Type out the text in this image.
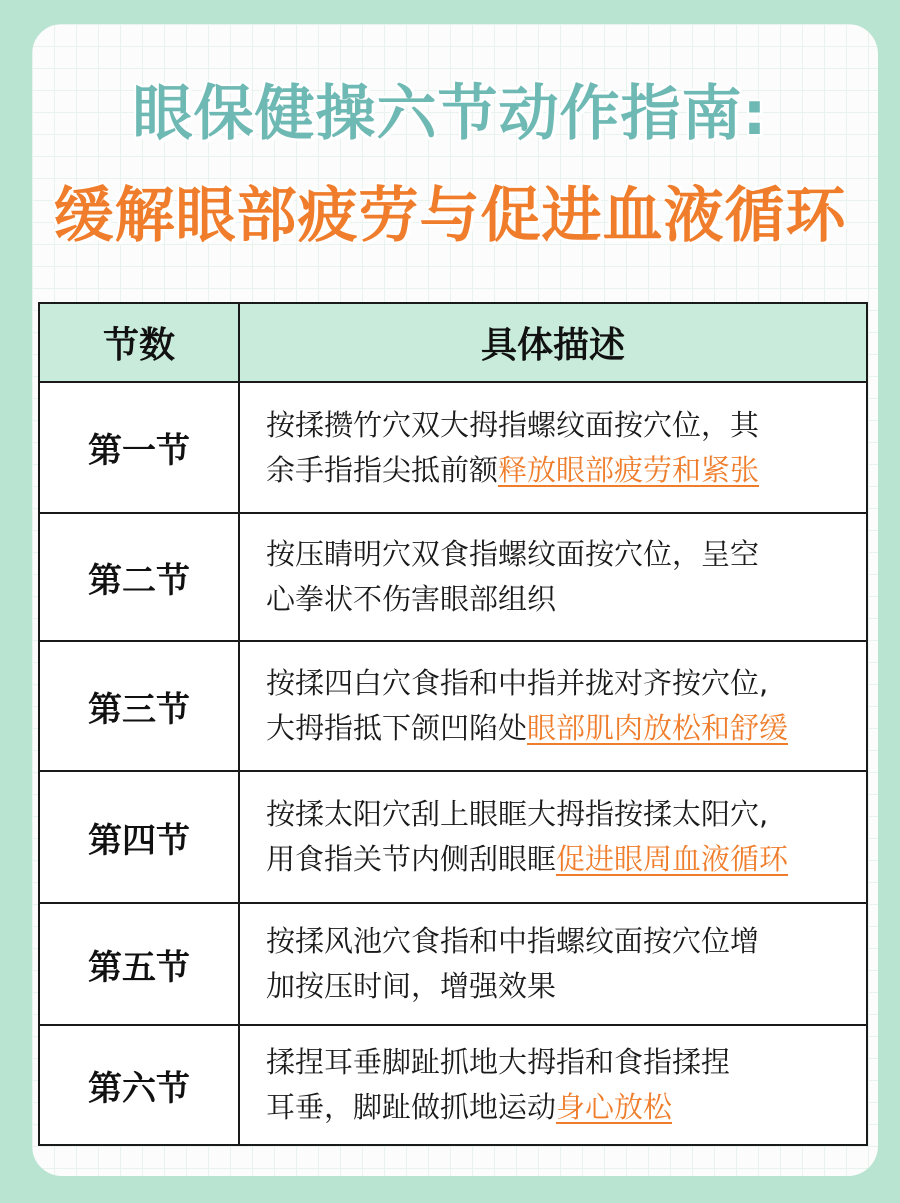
眼保健操六节动作指南:
缓解眼部疲劳与促进血液循环
节数	具体描述
第一节	按揉攒竹穴双大拇指螺纹面按穴位，其
余手指指尖抵前额释放眼部疲劳和紧张

第二节	按压睛明穴双食指螺纹面按穴位，呈空
心拳状不伤害眼部组织

第三节	按揉四白穴食指和中指并拢对齐按穴位,
大拇指抵下颌凹陷处眼部肌肉放松和舒缓

第四节	按揉太阳穴刮上眼眶大拇指按揉太阳穴,
用食指关节内侧刮眼眶促进眼周血液循环

第五节	按揉风池穴食指和中指螺纹面按穴位增
加按压时间，增强效果

第六节	揉捏耳垂脚趾抓地大拇指和食指揉捏
耳垂，脚趾做抓地运动身心放松
